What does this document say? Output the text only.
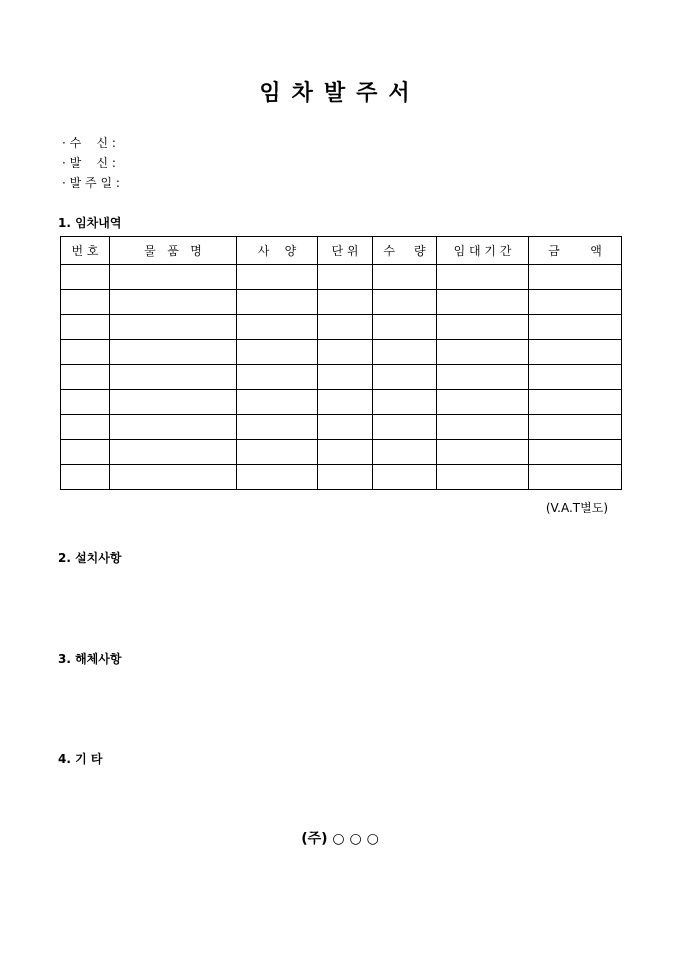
임차발주서
· 수    신 :
· 발    신 :
· 발 주 일 :
1. 임차내역
번 호	물   품   명	사    양	단 위	수     량	임 대 기 간	금        액

(V.A.T별도)
2. 설치사항
3. 해체사항
4. 기 타
(주) ○ ○ ○
